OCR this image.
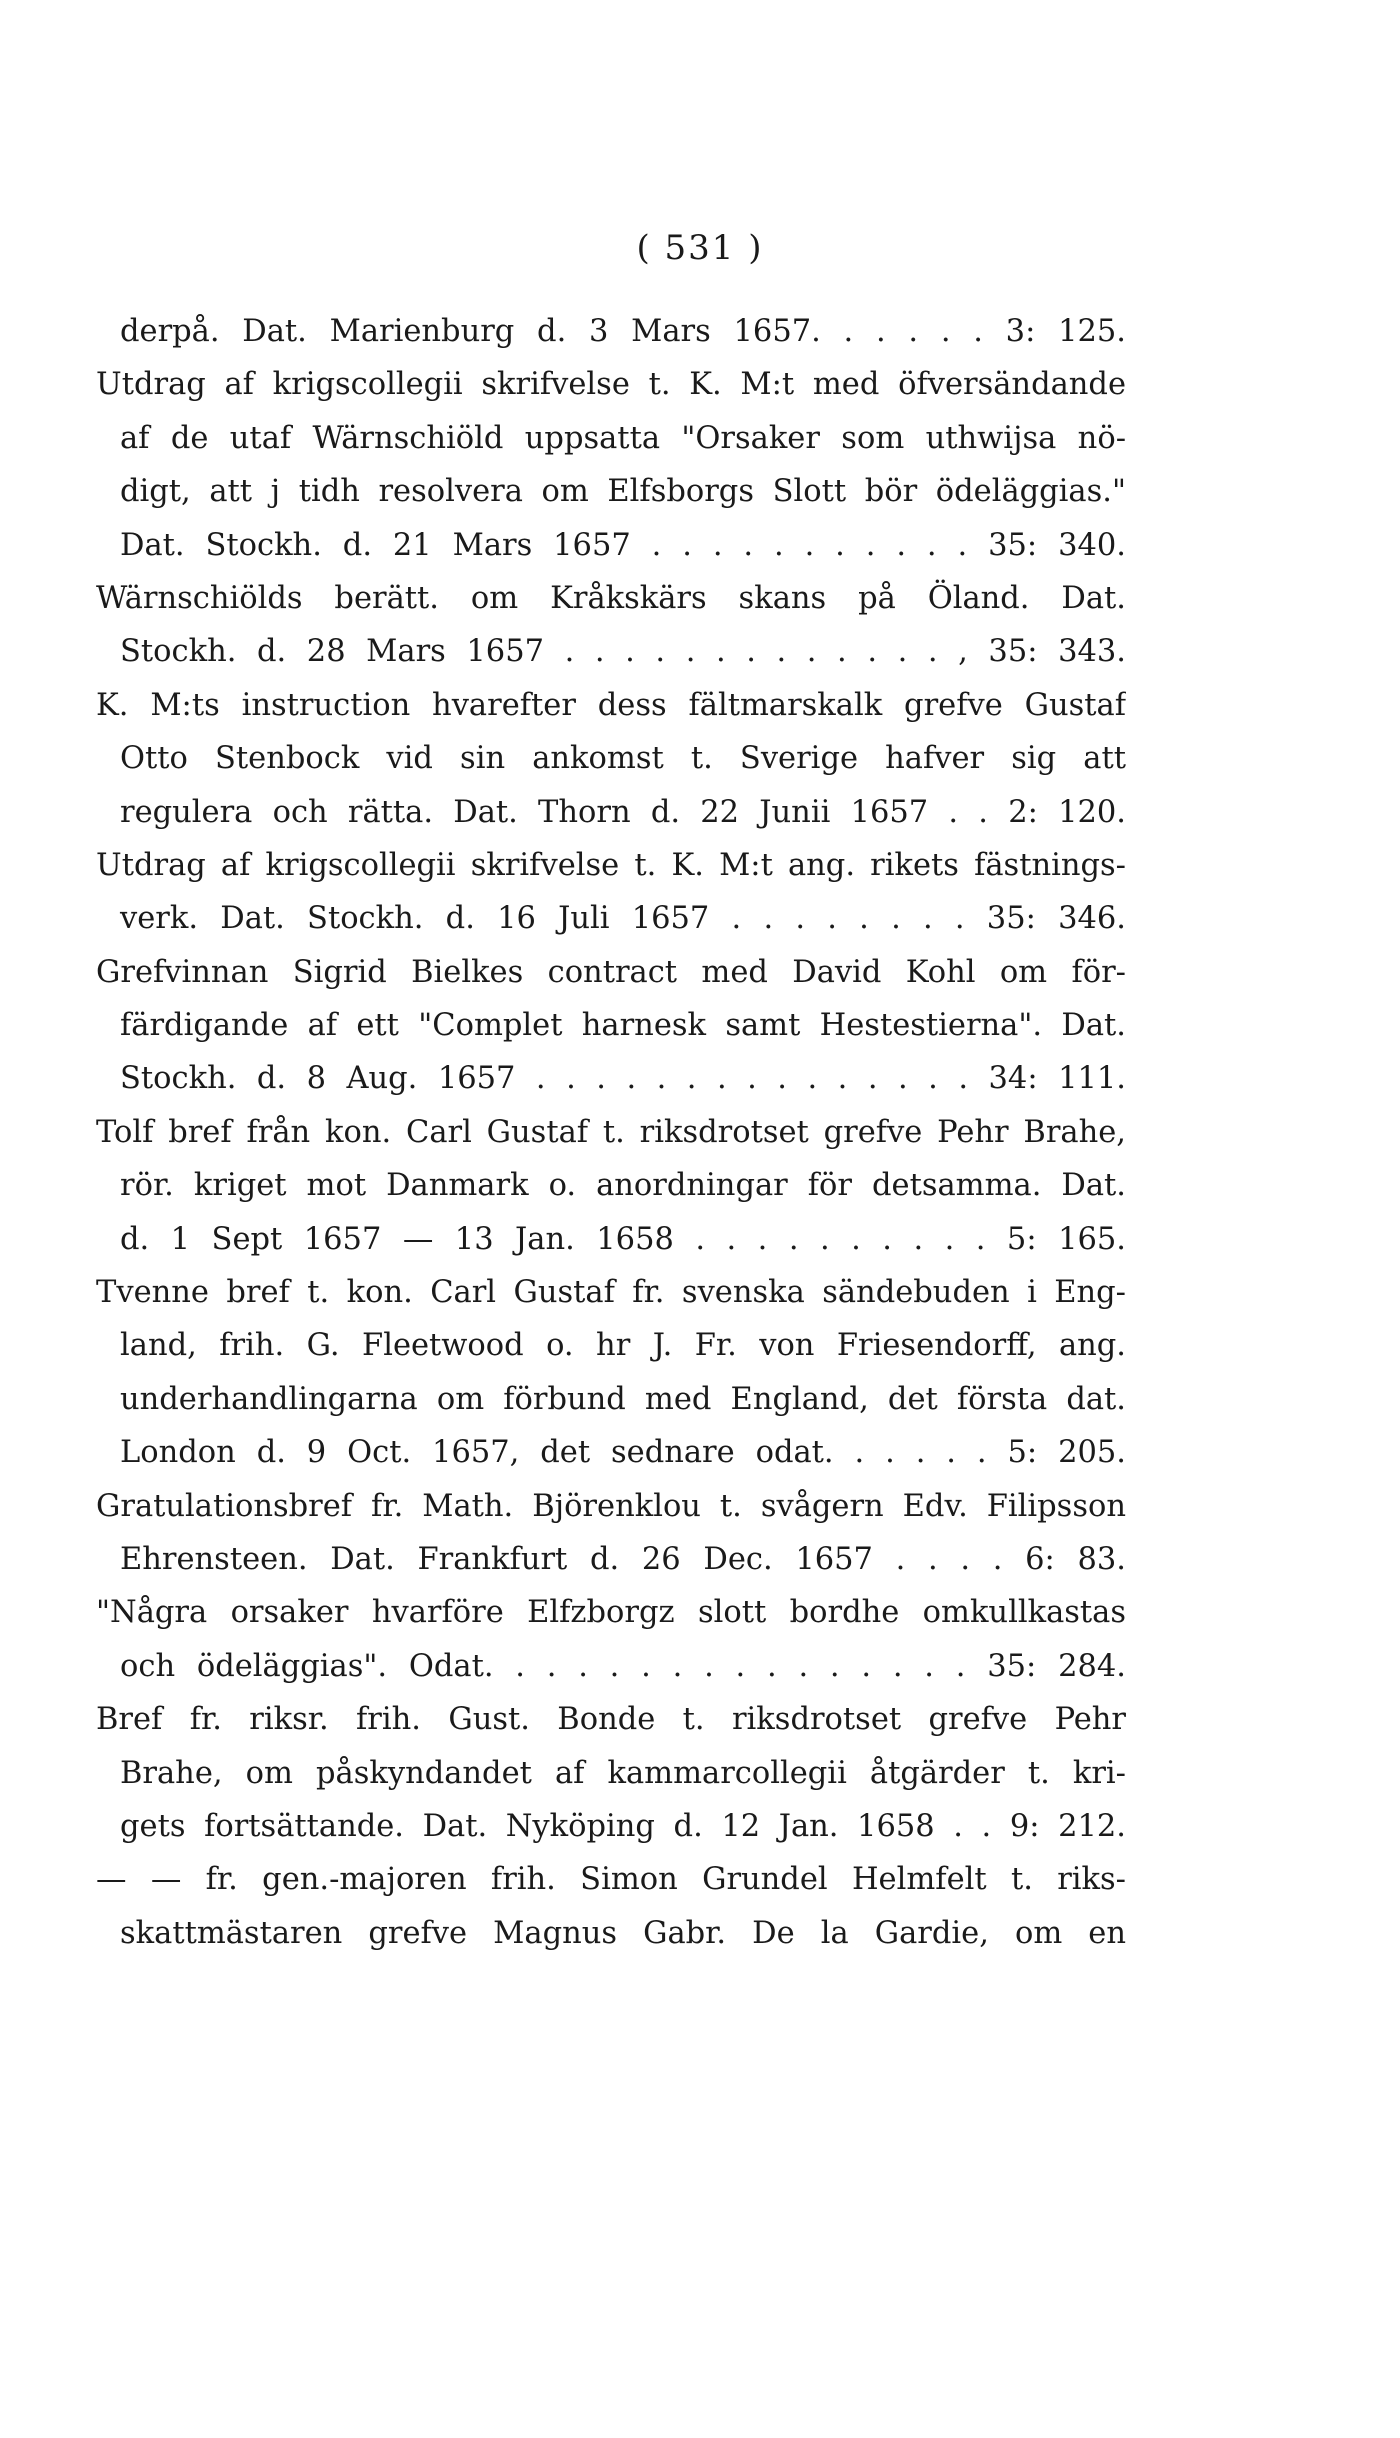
( 531 )
derpå. Dat. Marienburg d. 3 Mars 1657. . . . . . 3: 125.
Utdrag af krigscollegii skrifvelse t. K. M:t med öfversändande
af de utaf Wärnschiöld uppsatta "Orsaker som uthwijsa nö-
digt, att j tidh resolvera om Elfsborgs Slott bör ödeläggias."
Dat. Stockh. d. 21 Mars 1657 . . . . . . . . . . . 35: 340.
Wärnschiölds berätt. om Kråkskärs skans på Öland. Dat.
Stockh. d. 28 Mars 1657 . . . . . . . . . . . . . , 35: 343.
K. M:ts instruction hvarefter dess fältmarskalk grefve Gustaf
Otto Stenbock vid sin ankomst t. Sverige hafver sig att
regulera och rätta. Dat. Thorn d. 22 Junii 1657 . . 2: 120.
Utdrag af krigscollegii skrifvelse t. K. M:t ang. rikets fästnings-
verk. Dat. Stockh. d. 16 Juli 1657 . . . . . . . . 35: 346.
Grefvinnan Sigrid Bielkes contract med David Kohl om för-
färdigande af ett "Complet harnesk samt Hestestierna". Dat.
Stockh. d. 8 Aug. 1657 . . . . . . . . . . . . . . . 34: 111.
Tolf bref från kon. Carl Gustaf t. riksdrotset grefve Pehr Brahe,
rör. kriget mot Danmark o. anordningar för detsamma. Dat.
d. 1 Sept 1657 — 13 Jan. 1658 . . . . . . . . . . 5: 165.
Tvenne bref t. kon. Carl Gustaf fr. svenska sändebuden i Eng-
land, frih. G. Fleetwood o. hr J. Fr. von Friesendorff, ang.
underhandlingarna om förbund med England, det första dat.
London d. 9 Oct. 1657, det sednare odat. . . . . . 5: 205.
Gratulationsbref fr. Math. Björenklou t. svågern Edv. Filipsson
Ehrensteen. Dat. Frankfurt d. 26 Dec. 1657 . . . . 6: 83.
"Några orsaker hvarföre Elfzborgz slott bordhe omkullkastas
och ödeläggias". Odat. . . . . . . . . . . . . . . . 35: 284.
Bref fr. riksr. frih. Gust. Bonde t. riksdrotset grefve Pehr
Brahe, om påskyndandet af kammarcollegii åtgärder t. kri-
gets fortsättande. Dat. Nyköping d. 12 Jan. 1658 . . 9: 212.
— — fr. gen.-majoren frih. Simon Grundel Helmfelt t. riks-
skattmästaren grefve Magnus Gabr. De la Gardie, om en
